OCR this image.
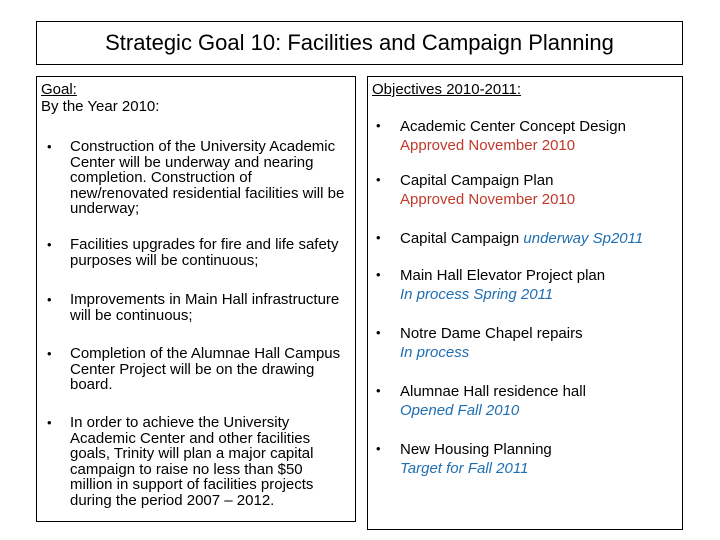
Strategic Goal 10: Facilities and Campaign Planning
Goal:
By the Year 2010:
• Construction of the University Academic Center will be underway and nearing completion. Construction of new/renovated residential facilities will be underway;
• Facilities upgrades for fire and life safety purposes will be continuous;
• Improvements in Main Hall infrastructure will be continuous;
• Completion of the Alumnae Hall Campus Center Project will be on the drawing board.
• In order to achieve the University Academic Center and other facilities goals, Trinity will plan a major capital campaign to raise no less than $50 million in support of facilities projects during the period 2007 – 2012.
Objectives 2010-2011:
• Academic Center Concept Design
Approved November 2010
• Capital Campaign Plan
Approved November 2010
• Capital Campaign underway Sp2011
• Main Hall Elevator Project plan
In process Spring 2011
• Notre Dame Chapel repairs
In process
• Alumnae Hall residence hall
Opened Fall 2010
• New Housing Planning
Target for Fall 2011
